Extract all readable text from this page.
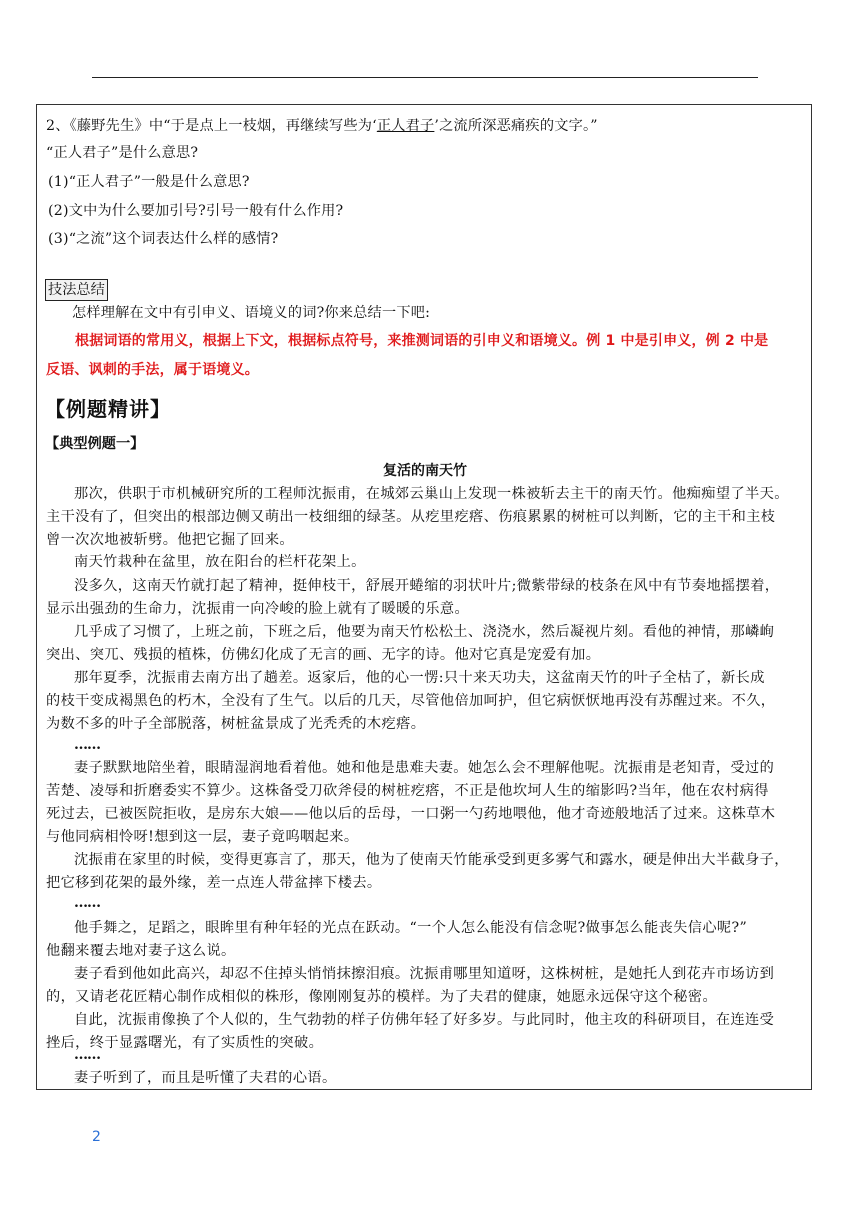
2、《藤野先生》中“于是点上一枝烟，再继续写些为‘正人君子’之流所深恶痛疾的文字。”
“正人君子”是什么意思?
(1)“正人君子”一般是什么意思?
(2)文中为什么要加引号?引号一般有什么作用?
(3)“之流”这个词表达什么样的感情?
技法总结
怎样理解在文中有引申义、语境义的词?你来总结一下吧:
根据词语的常用义，根据上下文，根据标点符号，来推测词语的引申义和语境义。例 1 中是引申义，例 2 中是
反语、讽刺的手法，属于语境义。
【例题精讲】
【典型例题一】
复活的南天竹
那次，供职于市机械研究所的工程师沈振甫，在城郊云巢山上发现一株被斩去主干的南天竹。他痴痴望了半天。
主干没有了，但突出的根部边侧又萌出一枝细细的绿茎。从疙里疙瘩、伤痕累累的树桩可以判断，它的主干和主枝
曾一次次地被斩劈。他把它掘了回来。
南天竹栽种在盆里，放在阳台的栏杆花架上。
没多久，这南天竹就打起了精神，挺伸枝干，舒展开蜷缩的羽状叶片;微紫带绿的枝条在风中有节奏地摇摆着，
显示出强劲的生命力，沈振甫一向冷峻的脸上就有了暖暖的乐意。
几乎成了习惯了，上班之前，下班之后，他要为南天竹松松土、浇浇水，然后凝视片刻。看他的神情，那嶙峋
突出、突兀、残损的植株，仿佛幻化成了无言的画、无字的诗。他对它真是宠爱有加。
那年夏季，沈振甫去南方出了趟差。返家后，他的心一愣:只十来天功夫，这盆南天竹的叶子全枯了，新长成
的枝干变成褐黑色的朽木，全没有了生气。以后的几天，尽管他倍加呵护，但它病恹恹地再没有苏醒过来。不久，
为数不多的叶子全部脱落，树桩盆景成了光秃秃的木疙瘩。
……
妻子默默地陪坐着，眼睛湿润地看着他。她和他是患难夫妻。她怎么会不理解他呢。沈振甫是老知青，受过的
苦楚、凌辱和折磨委实不算少。这株备受刀砍斧侵的树桩疙瘩，不正是他坎坷人生的缩影吗?当年，他在农村病得
死过去，已被医院拒收，是房东大娘——他以后的岳母，一口粥一勺药地喂他，他才奇迹般地活了过来。这株草木
与他同病相怜呀!想到这一层，妻子竟呜咽起来。
沈振甫在家里的时候，变得更寡言了，那天，他为了使南天竹能承受到更多雾气和露水，硬是伸出大半截身子，
把它移到花架的最外缘，差一点连人带盆摔下楼去。
……
他手舞之，足蹈之，眼眸里有种年轻的光点在跃动。“一个人怎么能没有信念呢?做事怎么能丧失信心呢?”
他翻来覆去地对妻子这么说。
妻子看到他如此高兴，却忍不住掉头悄悄抹擦泪痕。沈振甫哪里知道呀，这株树桩，是她托人到花卉市场访到
的，又请老花匠精心制作成相似的株形，像刚刚复苏的模样。为了夫君的健康，她愿永远保守这个秘密。
自此，沈振甫像换了个人似的，生气勃勃的样子仿佛年轻了好多岁。与此同时，他主攻的科研项目，在连连受
挫后，终于显露曙光，有了实质性的突破。
……
妻子听到了，而且是听懂了夫君的心语。
2
